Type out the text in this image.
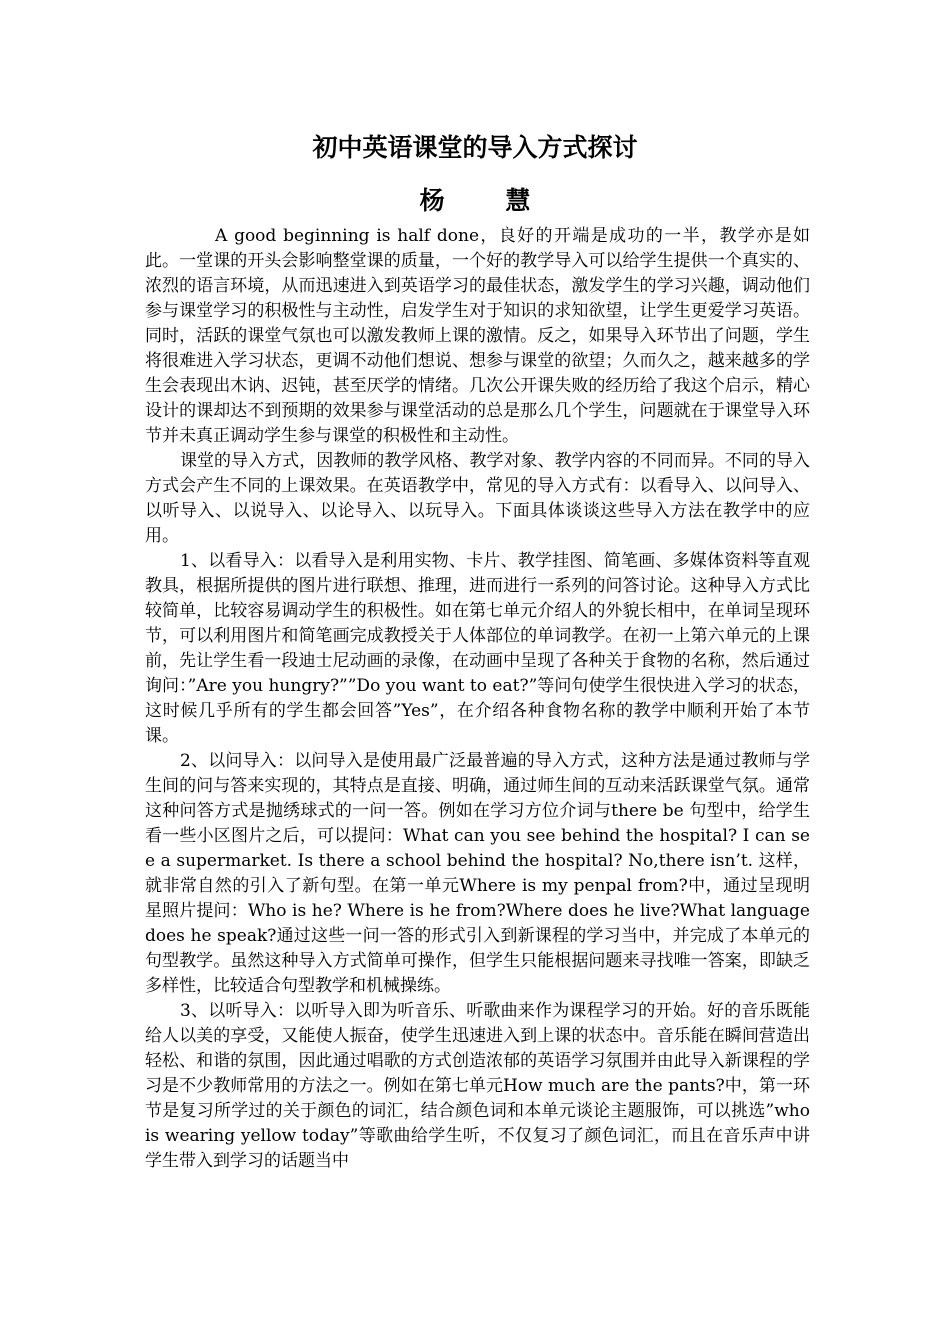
初中英语课堂的导入方式探讨
杨 慧

A good beginning is half done，良好的开端是成功的一半，教学亦是如此。一堂课的开头会影响整堂课的质量，一个好的教学导入可以给学生提供一个真实的、浓烈的语言环境，从而迅速进入到英语学习的最佳状态，激发学生的学习兴趣，调动他们参与课堂学习的积极性与主动性，启发学生对于知识的求知欲望，让学生更爱学习英语。同时，活跃的课堂气氛也可以激发教师上课的激情。反之，如果导入环节出了问题，学生将很难进入学习状态，更调不动他们想说、想参与课堂的欲望；久而久之，越来越多的学生会表现出木讷、迟钝，甚至厌学的情绪。几次公开课失败的经历给了我这个启示，精心设计的课却达不到预期的效果参与课堂活动的总是那么几个学生，问题就在于课堂导入环节并未真正调动学生参与课堂的积极性和主动性。

课堂的导入方式，因教师的教学风格、教学对象、教学内容的不同而异。不同的导入方式会产生不同的上课效果。在英语教学中，常见的导入方式有：以看导入、以问导入、以听导入、以说导入、以论导入、以玩导入。下面具体谈谈这些导入方法在教学中的应用。

1、以看导入：以看导入是利用实物、卡片、教学挂图、简笔画、多媒体资料等直观教具，根据所提供的图片进行联想、推理，进而进行一系列的问答讨论。这种导入方式比较简单，比较容易调动学生的积极性。如在第七单元介绍人的外貌长相中，在单词呈现环节，可以利用图片和简笔画完成教授关于人体部位的单词教学。在初一上第六单元的上课前，先让学生看一段迪士尼动画的录像，在动画中呈现了各种关于食物的名称，然后通过询问：”Are you hungry?””Do you want to eat?”等问句使学生很快进入学习的状态，这时候几乎所有的学生都会回答”Yes”，在介绍各种食物名称的教学中顺利开始了本节课。

2、以问导入：以问导入是使用最广泛最普遍的导入方式，这种方法是通过教师与学生间的问与答来实现的，其特点是直接、明确，通过师生间的互动来活跃课堂气氛。通常这种问答方式是抛绣球式的一问一答。例如在学习方位介词与there be 句型中，给学生看一些小区图片之后，可以提问：What can you see behind the hospital? I can see a supermarket. Is there a school behind the hospital? No,there isn’t. 这样，就非常自然的引入了新句型。在第一单元Where is my penpal from?中，通过呈现明星照片提问：Who is he? Where is he from?Where does he live?What language does he speak?通过这些一问一答的形式引入到新课程的学习当中，并完成了本单元的句型教学。虽然这种导入方式简单可操作，但学生只能根据问题来寻找唯一答案，即缺乏多样性，比较适合句型教学和机械操练。

3、以听导入：以听导入即为听音乐、听歌曲来作为课程学习的开始。好的音乐既能给人以美的享受，又能使人振奋，使学生迅速进入到上课的状态中。音乐能在瞬间营造出轻松、和谐的氛围，因此通过唱歌的方式创造浓郁的英语学习氛围并由此导入新课程的学习是不少教师常用的方法之一。例如在第七单元How much are the pants?中，第一环节是复习所学过的关于颜色的词汇，结合颜色词和本单元谈论主题服饰，可以挑选”who is wearing yellow today”等歌曲给学生听，不仅复习了颜色词汇，而且在音乐声中讲学生带入到学习的话题当中
